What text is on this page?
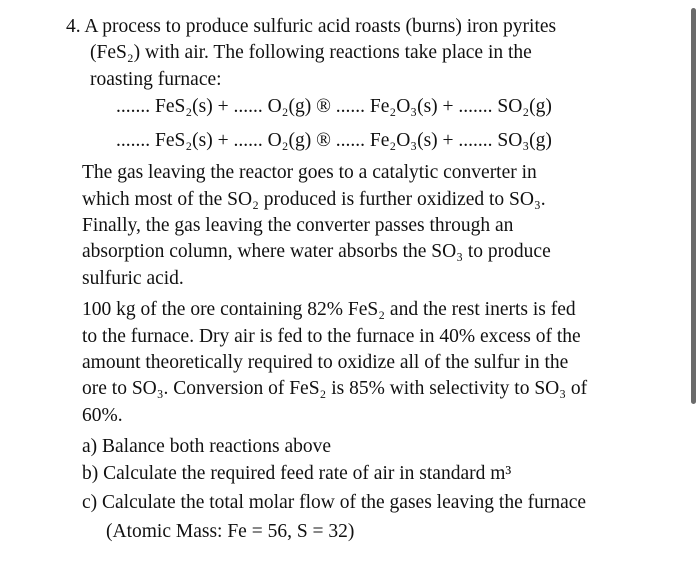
4. A process to produce sulfuric acid roasts (burns) iron pyrites
(FeS₂) with air. The following reactions take place in the
roasting furnace:
....... FeS₂(s) + ...... O₂(g) ® ...... Fe₂O₃(s) + ....... SO₂(g)
....... FeS₂(s) + ...... O₂(g) ® ...... Fe₂O₃(s) + ....... SO₃(g)
The gas leaving the reactor goes to a catalytic converter in
which most of the SO₂ produced is further oxidized to SO₃.
Finally, the gas leaving the converter passes through an
absorption column, where water absorbs the SO₃ to produce
sulfuric acid.
100 kg of the ore containing 82% FeS₂ and the rest inerts is fed
to the furnace. Dry air is fed to the furnace in 40% excess of the
amount theoretically required to oxidize all of the sulfur in the
ore to SO₃. Conversion of FeS₂ is 85% with selectivity to SO₃ of
60%.
a) Balance both reactions above
b) Calculate the required feed rate of air in standard m³
c) Calculate the total molar flow of the gases leaving the furnace
(Atomic Mass: Fe = 56, S = 32)
